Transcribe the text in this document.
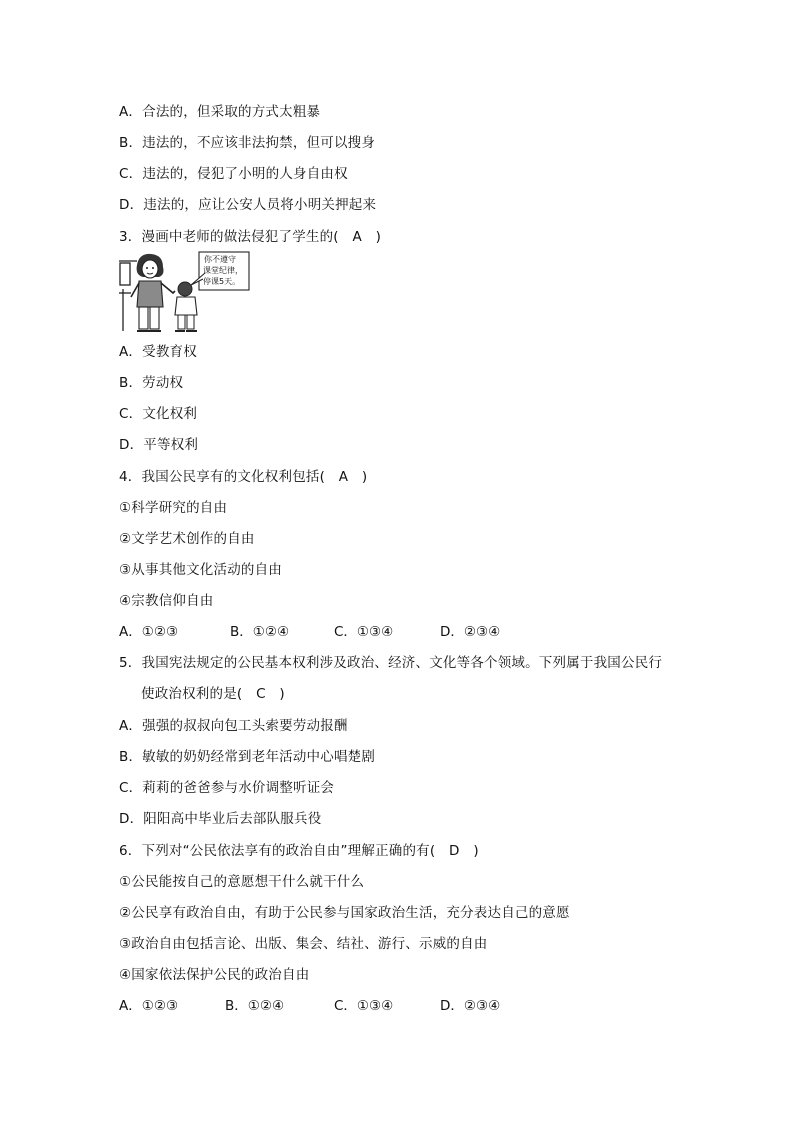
A．合法的，但采取的方式太粗暴
B．违法的，不应该非法拘禁，但可以搜身
C．违法的，侵犯了小明的人身自由权
D．违法的，应让公安人员将小明关押起来
3．漫画中老师的做法侵犯了学生的(　A　)
你不遵守
课堂纪律，
停课5天。
A．受教育权
B．劳动权
C．文化权利
D．平等权利
4．我国公民享有的文化权利包括(　A　)
①科学研究的自由
②文学艺术创作的自由
③从事其他文化活动的自由
④宗教信仰自由

A．①②③

	B．①②④

	C．①③④

	D．②③④

5．我国宪法规定的公民基本权利涉及政治、经济、文化等各个领域。下列属于我国公民行
使政治权利的是(　C　)
A．强强的叔叔向包工头索要劳动报酬
B．敏敏的奶奶经常到老年活动中心唱楚剧
C．莉莉的爸爸参与水价调整听证会
D．阳阳高中毕业后去部队服兵役
6．下列对“公民依法享有的政治自由”理解正确的有(　D　)
①公民能按自己的意愿想干什么就干什么
②公民享有政治自由，有助于公民参与国家政治生活，充分表达自己的意愿
③政治自由包括言论、出版、集会、结社、游行、示威的自由
④国家依法保护公民的政治自由

A．①②③

	B．①②④

	C．①③④

	D．②③④
